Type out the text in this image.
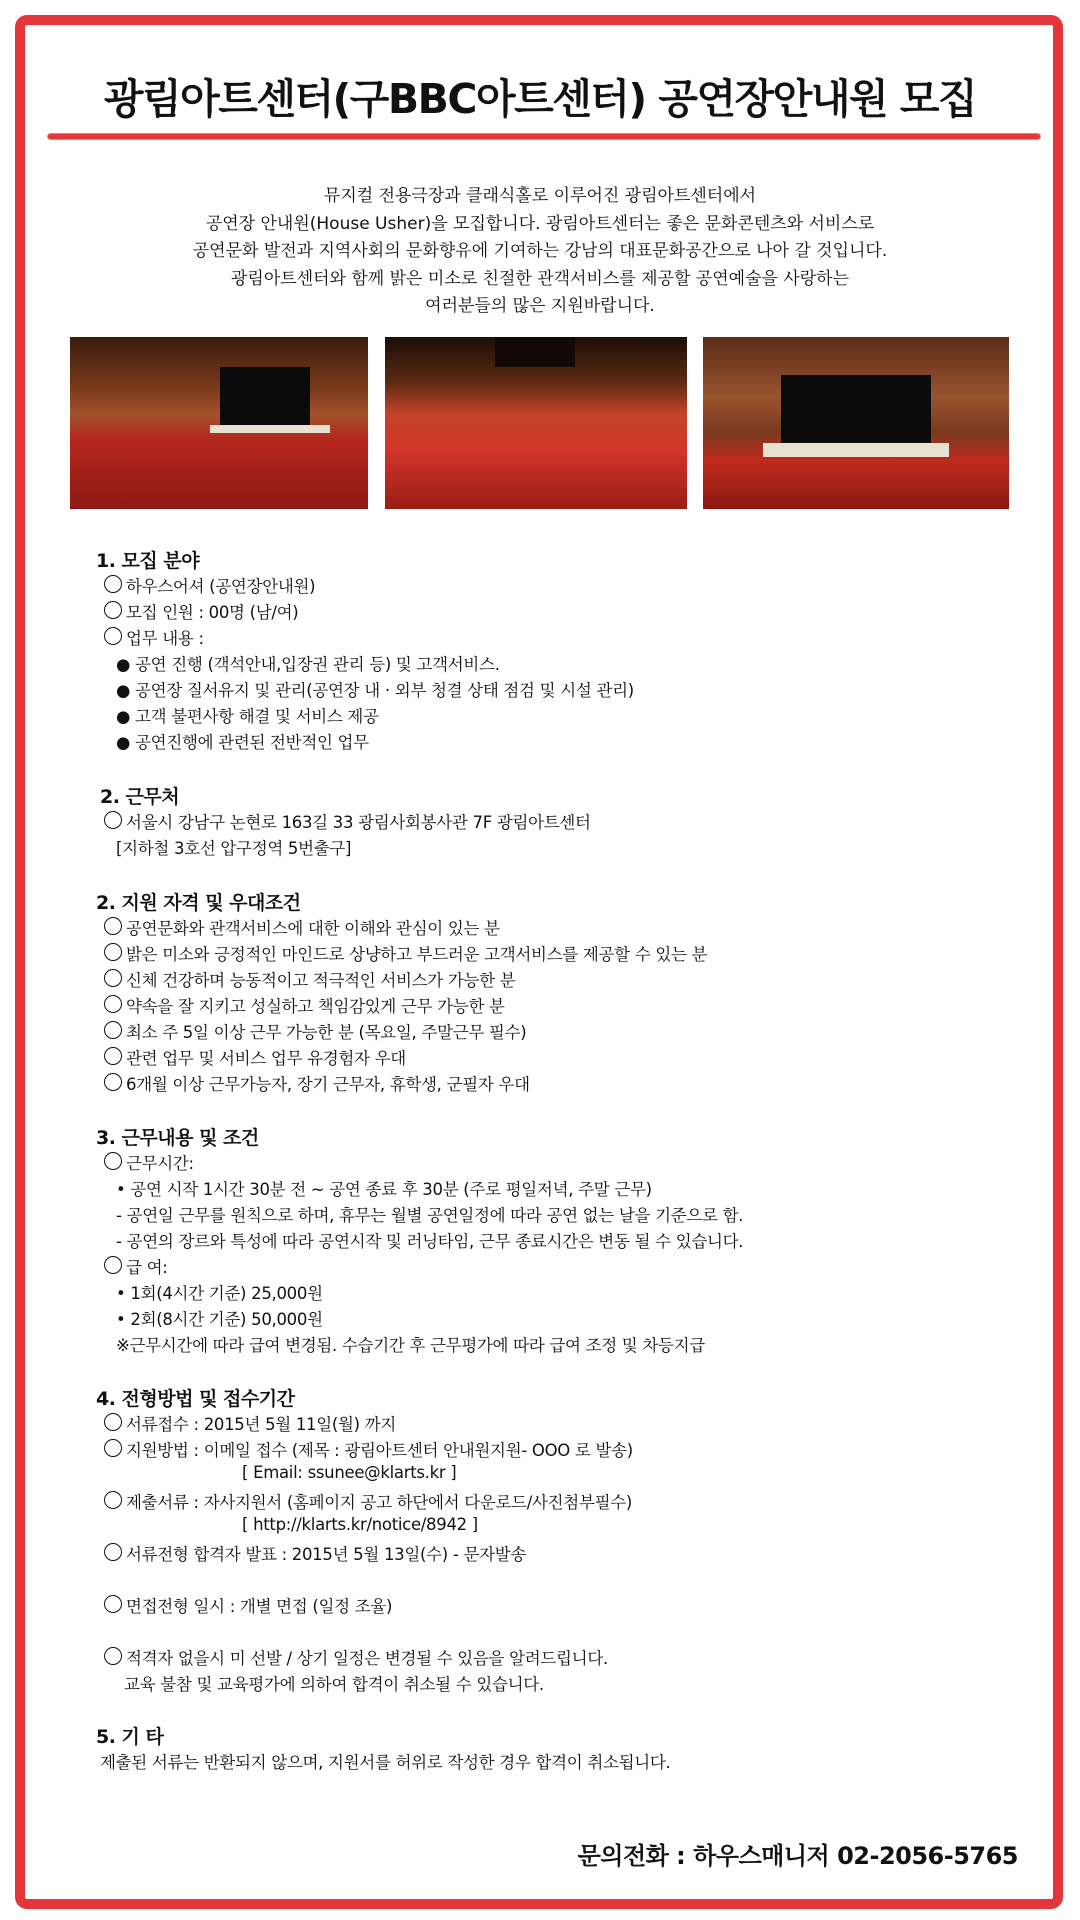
광림아트센터(구BBC아트센터) 공연장안내원 모집
뮤지컬 전용극장과 클래식홀로 이루어진 광림아트센터에서
공연장 안내원(House Usher)을 모집합니다. 광림아트센터는 좋은 문화콘텐츠와 서비스로
공연문화 발전과 지역사회의 문화향유에 기여하는 강남의 대표문화공간으로 나아 갈 것입니다.
광림아트센터와 함께 밝은 미소로 친절한 관객서비스를 제공할 공연예술을 사랑하는
여러분들의 많은 지원바랍니다.
1. 모집 분야
하우스어셔 (공연장안내원)
모집 인원 : 00명 (남/여)
업무 내용 :
● 공연 진행 (객석안내,입장권 관리 등) 및 고객서비스.
● 공연장 질서유지 및 관리(공연장 내 · 외부 청결 상태 점검 및 시설 관리)
● 고객 불편사항 해결 및 서비스 제공
● 공연진행에 관련된 전반적인 업무
2. 근무처
서울시 강남구 논현로 163길 33 광림사회봉사관 7F 광림아트센터
[지하철 3호선 압구정역 5번출구]
2. 지원 자격 및 우대조건
공연문화와 관객서비스에 대한 이해와 관심이 있는 분
밝은 미소와 긍정적인 마인드로 상냥하고 부드러운 고객서비스를 제공할 수 있는 분
신체 건강하며 능동적이고 적극적인 서비스가 가능한 분
약속을 잘 지키고 성실하고 책임감있게 근무 가능한 분
최소 주 5일 이상 근무 가능한 분 (목요일, 주말근무 필수)
관련 업무 및 서비스 업무 유경험자 우대
6개월 이상 근무가능자, 장기 근무자, 휴학생, 군필자 우대
3. 근무내용 및 조건
근무시간:
• 공연 시작 1시간 30분 전 ~ 공연 종료 후 30분 (주로 평일저녁, 주말 근무)
- 공연일 근무를 원칙으로 하며, 휴무는 월별 공연일정에 따라 공연 없는 날을 기준으로 함.
- 공연의 장르와 특성에 따라 공연시작 및 러닝타임, 근무 종료시간은 변동 될 수 있습니다.
급 여:
• 1회(4시간 기준) 25,000원
• 2회(8시간 기준) 50,000원
※근무시간에 따라 급여 변경됨. 수습기간 후 근무평가에 따라 급여 조정 및 차등지급
4. 전형방법 및 접수기간
서류접수 : 2015년 5월 11일(월) 까지
지원방법 : 이메일 접수 (제목 : 광림아트센터 안내원지원- OOO 로 발송)
[ Email: ssunee@klarts.kr ]
제출서류 : 자사지원서 (홈페이지 공고 하단에서 다운로드/사진첨부필수)
[ http://klarts.kr/notice/8942 ]
서류전형 합격자 발표 : 2015년 5월 13일(수) - 문자발송
면접전형 일시 : 개별 면접 (일정 조율)
적격자 없을시 미 선발 / 상기 일정은 변경될 수 있음을 알려드립니다.
교육 불참 및 교육평가에 의하여 합격이 취소될 수 있습니다.
5. 기 타
제출된 서류는 반환되지 않으며, 지원서를 허위로 작성한 경우 합격이 취소됩니다.
문의전화 : 하우스매니저 02-2056-5765
